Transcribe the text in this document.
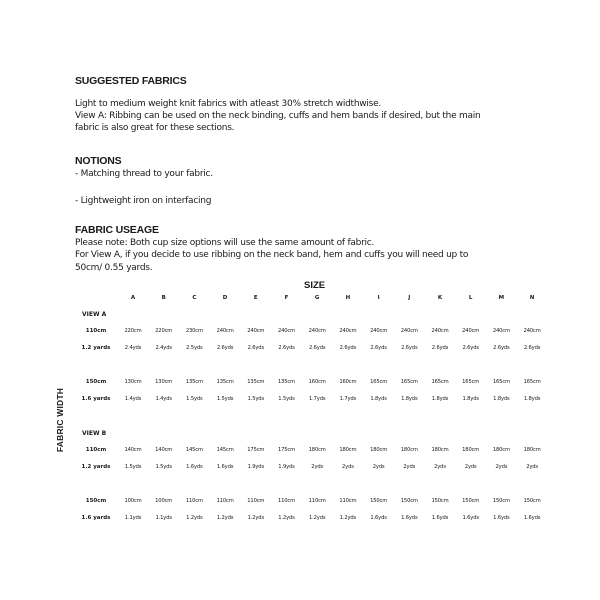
SUGGESTED FABRICS
Light to medium weight knit fabrics with atleast 30% stretch widthwise.
View A: Ribbing can be used on the neck binding, cuffs and hem bands if desired, but the main
fabric is also great for these sections.
NOTIONS
- Matching thread to your fabric.
- Lightweight iron on interfacing
FABRIC USEAGE
Please note: Both cup size options will use the same amount of fabric.
For View A, if you decide to use ribbing on the neck band, hem and cuffs you will need up to
50cm/ 0.55 yards.
SIZE
FABRIC WIDTH
A	B	C	D	E	F	G	H	I	J	K	L	M	N
VIEW A
110cm	220cm	220cm	230cm	240cm	240cm	240cm	240cm	240cm	240cm	240cm	240cm	240cm	240cm	240cm
1.2 yards	2.4yds	2.4yds	2.5yds	2.6yds	2.6yds	2.6yds	2.6yds	2.6yds	2.6yds	2.6yds	2.6yds	2.6yds	2.6yds	2.6yds
150cm	130cm	130cm	135cm	135cm	135cm	135cm	160cm	160cm	165cm	165cm	165cm	165cm	165cm	165cm
1.6 yards	1.4yds	1.4yds	1.5yds	1.5yds	1.5yds	1.5yds	1.7yds	1.7yds	1.8yds	1.8yds	1.8yds	1.8yds	1.8yds	1.8yds
VIEW B
110cm	140cm	140cm	145cm	145cm	175cm	175cm	180cm	180cm	180cm	180cm	180cm	180cm	180cm	180cm
1.2 yards	1.5yds	1.5yds	1.6yds	1.6yds	1.9yds	1.9yds	2yds	2yds	2yds	2yds	2yds	2yds	2yds	2yds
150cm	100cm	100cm	110cm	110cm	110cm	110cm	110cm	110cm	150cm	150cm	150cm	150cm	150cm	150cm
1.6 yards	1.1yds	1.1yds	1.2yds	1.2yds	1.2yds	1.2yds	1.2yds	1.2yds	1.6yds	1.6yds	1.6yds	1.6yds	1.6yds	1.6yds
